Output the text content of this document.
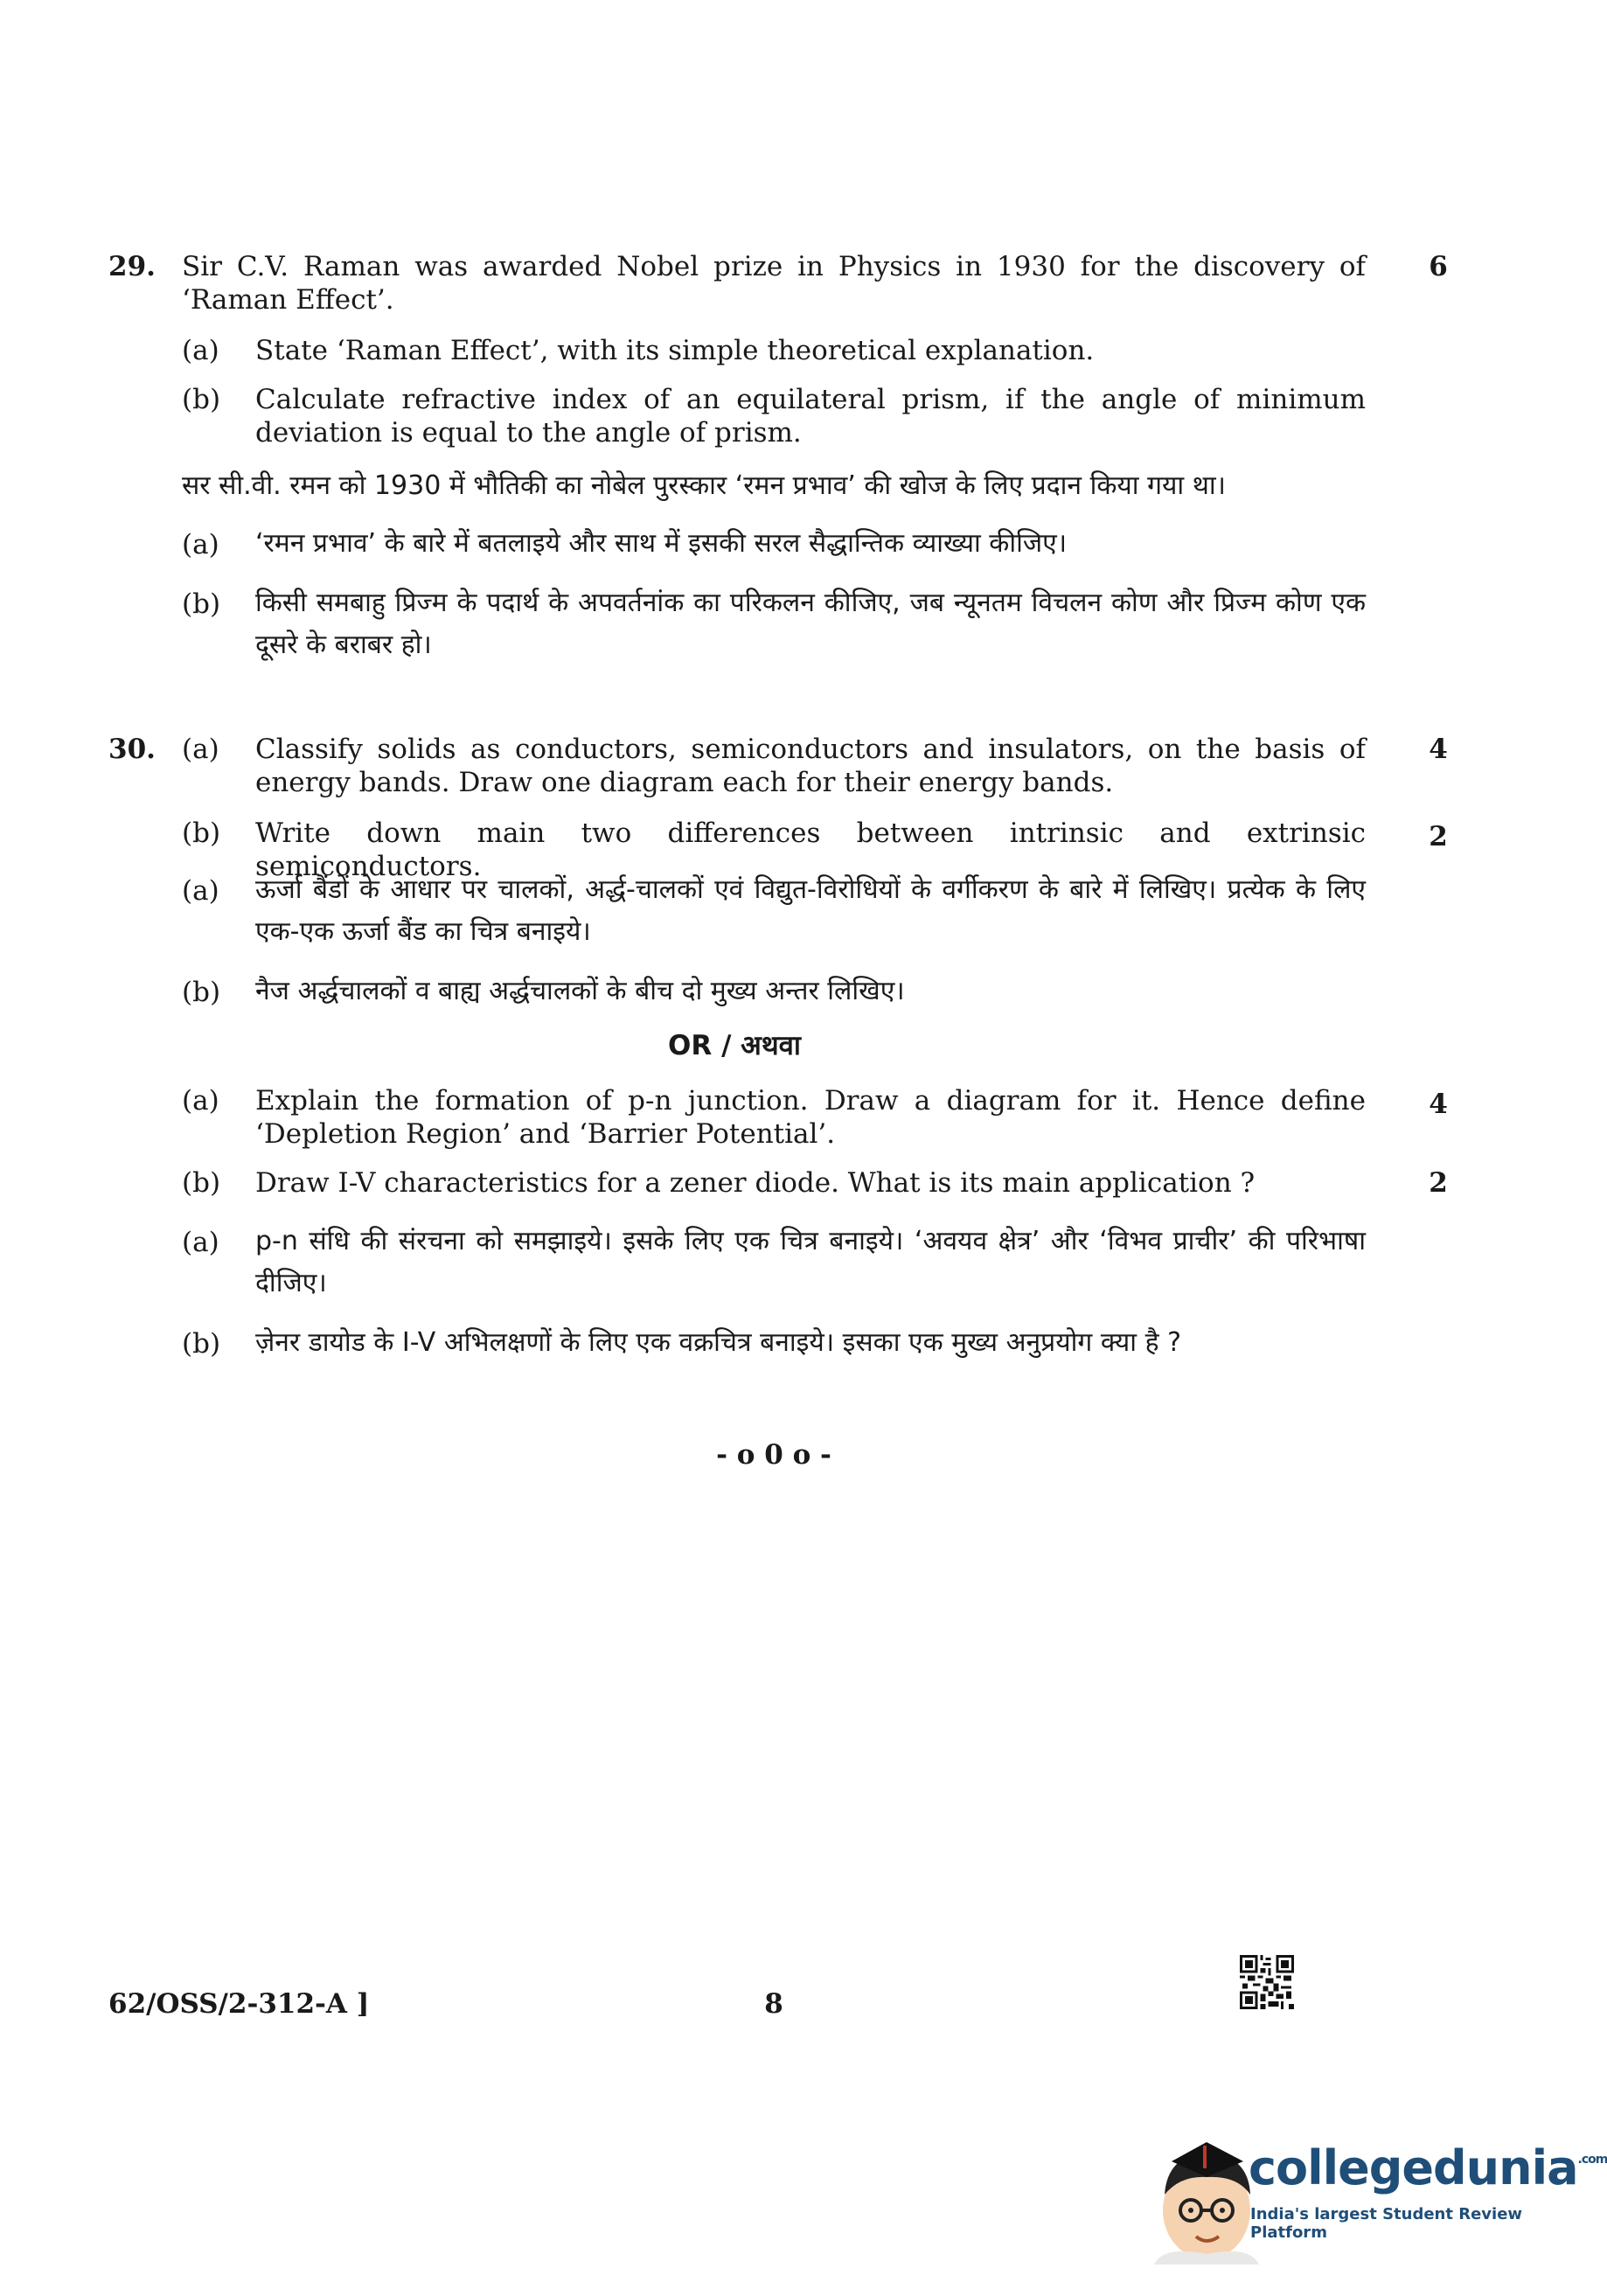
29. Sir C.V. Raman was awarded Nobel prize in Physics in 1930 for the discovery of ‘Raman Effect’.
6
(a) State ‘Raman Effect’, with its simple theoretical explanation.
(b) Calculate refractive index of an equilateral prism, if the angle of minimum deviation is equal to the angle of prism.
सर सी.वी. रमन को 1930 में भौतिकी का नोबेल पुरस्कार ‘रमन प्रभाव’ की खोज के लिए प्रदान किया गया था।
(a) ‘रमन प्रभाव’ के बारे में बतलाइये और साथ में इसकी सरल सैद्धान्तिक व्याख्या कीजिए।
(b) किसी समबाहु प्रिज्म के पदार्थ के अपवर्तनांक का परिकलन कीजिए, जब न्यूनतम विचलन कोण और प्रिज्म कोण एक दूसरे के बराबर हो।
30. (a) Classify solids as conductors, semiconductors and insulators, on the basis of energy bands. Draw one diagram each for their energy bands.
4
(b) Write down main two differences between intrinsic and extrinsic semiconductors.
2
(a) ऊर्जा बैंडों के आधार पर चालकों, अर्द्ध-चालकों एवं विद्युत-विरोधियों के वर्गीकरण के बारे में लिखिए। प्रत्येक के लिए एक-एक ऊर्जा बैंड का चित्र बनाइये।
(b) नैज अर्द्धचालकों व बाह्य अर्द्धचालकों के बीच दो मुख्य अन्तर लिखिए।
OR / अथवा
(a) Explain the formation of p-n junction. Draw a diagram for it. Hence define ‘Depletion Region’ and ‘Barrier Potential’.
4
(b) Draw I-V characteristics for a zener diode. What is its main application ?	2
(a) p-n संधि की संरचना को समझाइये। इसके लिए एक चित्र बनाइये। ‘अवयव क्षेत्र’ और ‘विभव प्राचीर’ की परिभाषा दीजिए।
(b) ज़ेनर डायोड के I-V अभिलक्षणों के लिए एक वक्रचित्र बनाइये। इसका एक मुख्य अनुप्रयोग क्या है ?
- o 0 o -
62/OSS/2-312-A ]	8
collegedunia$^{.com}$
India's largest Student Review Platform
